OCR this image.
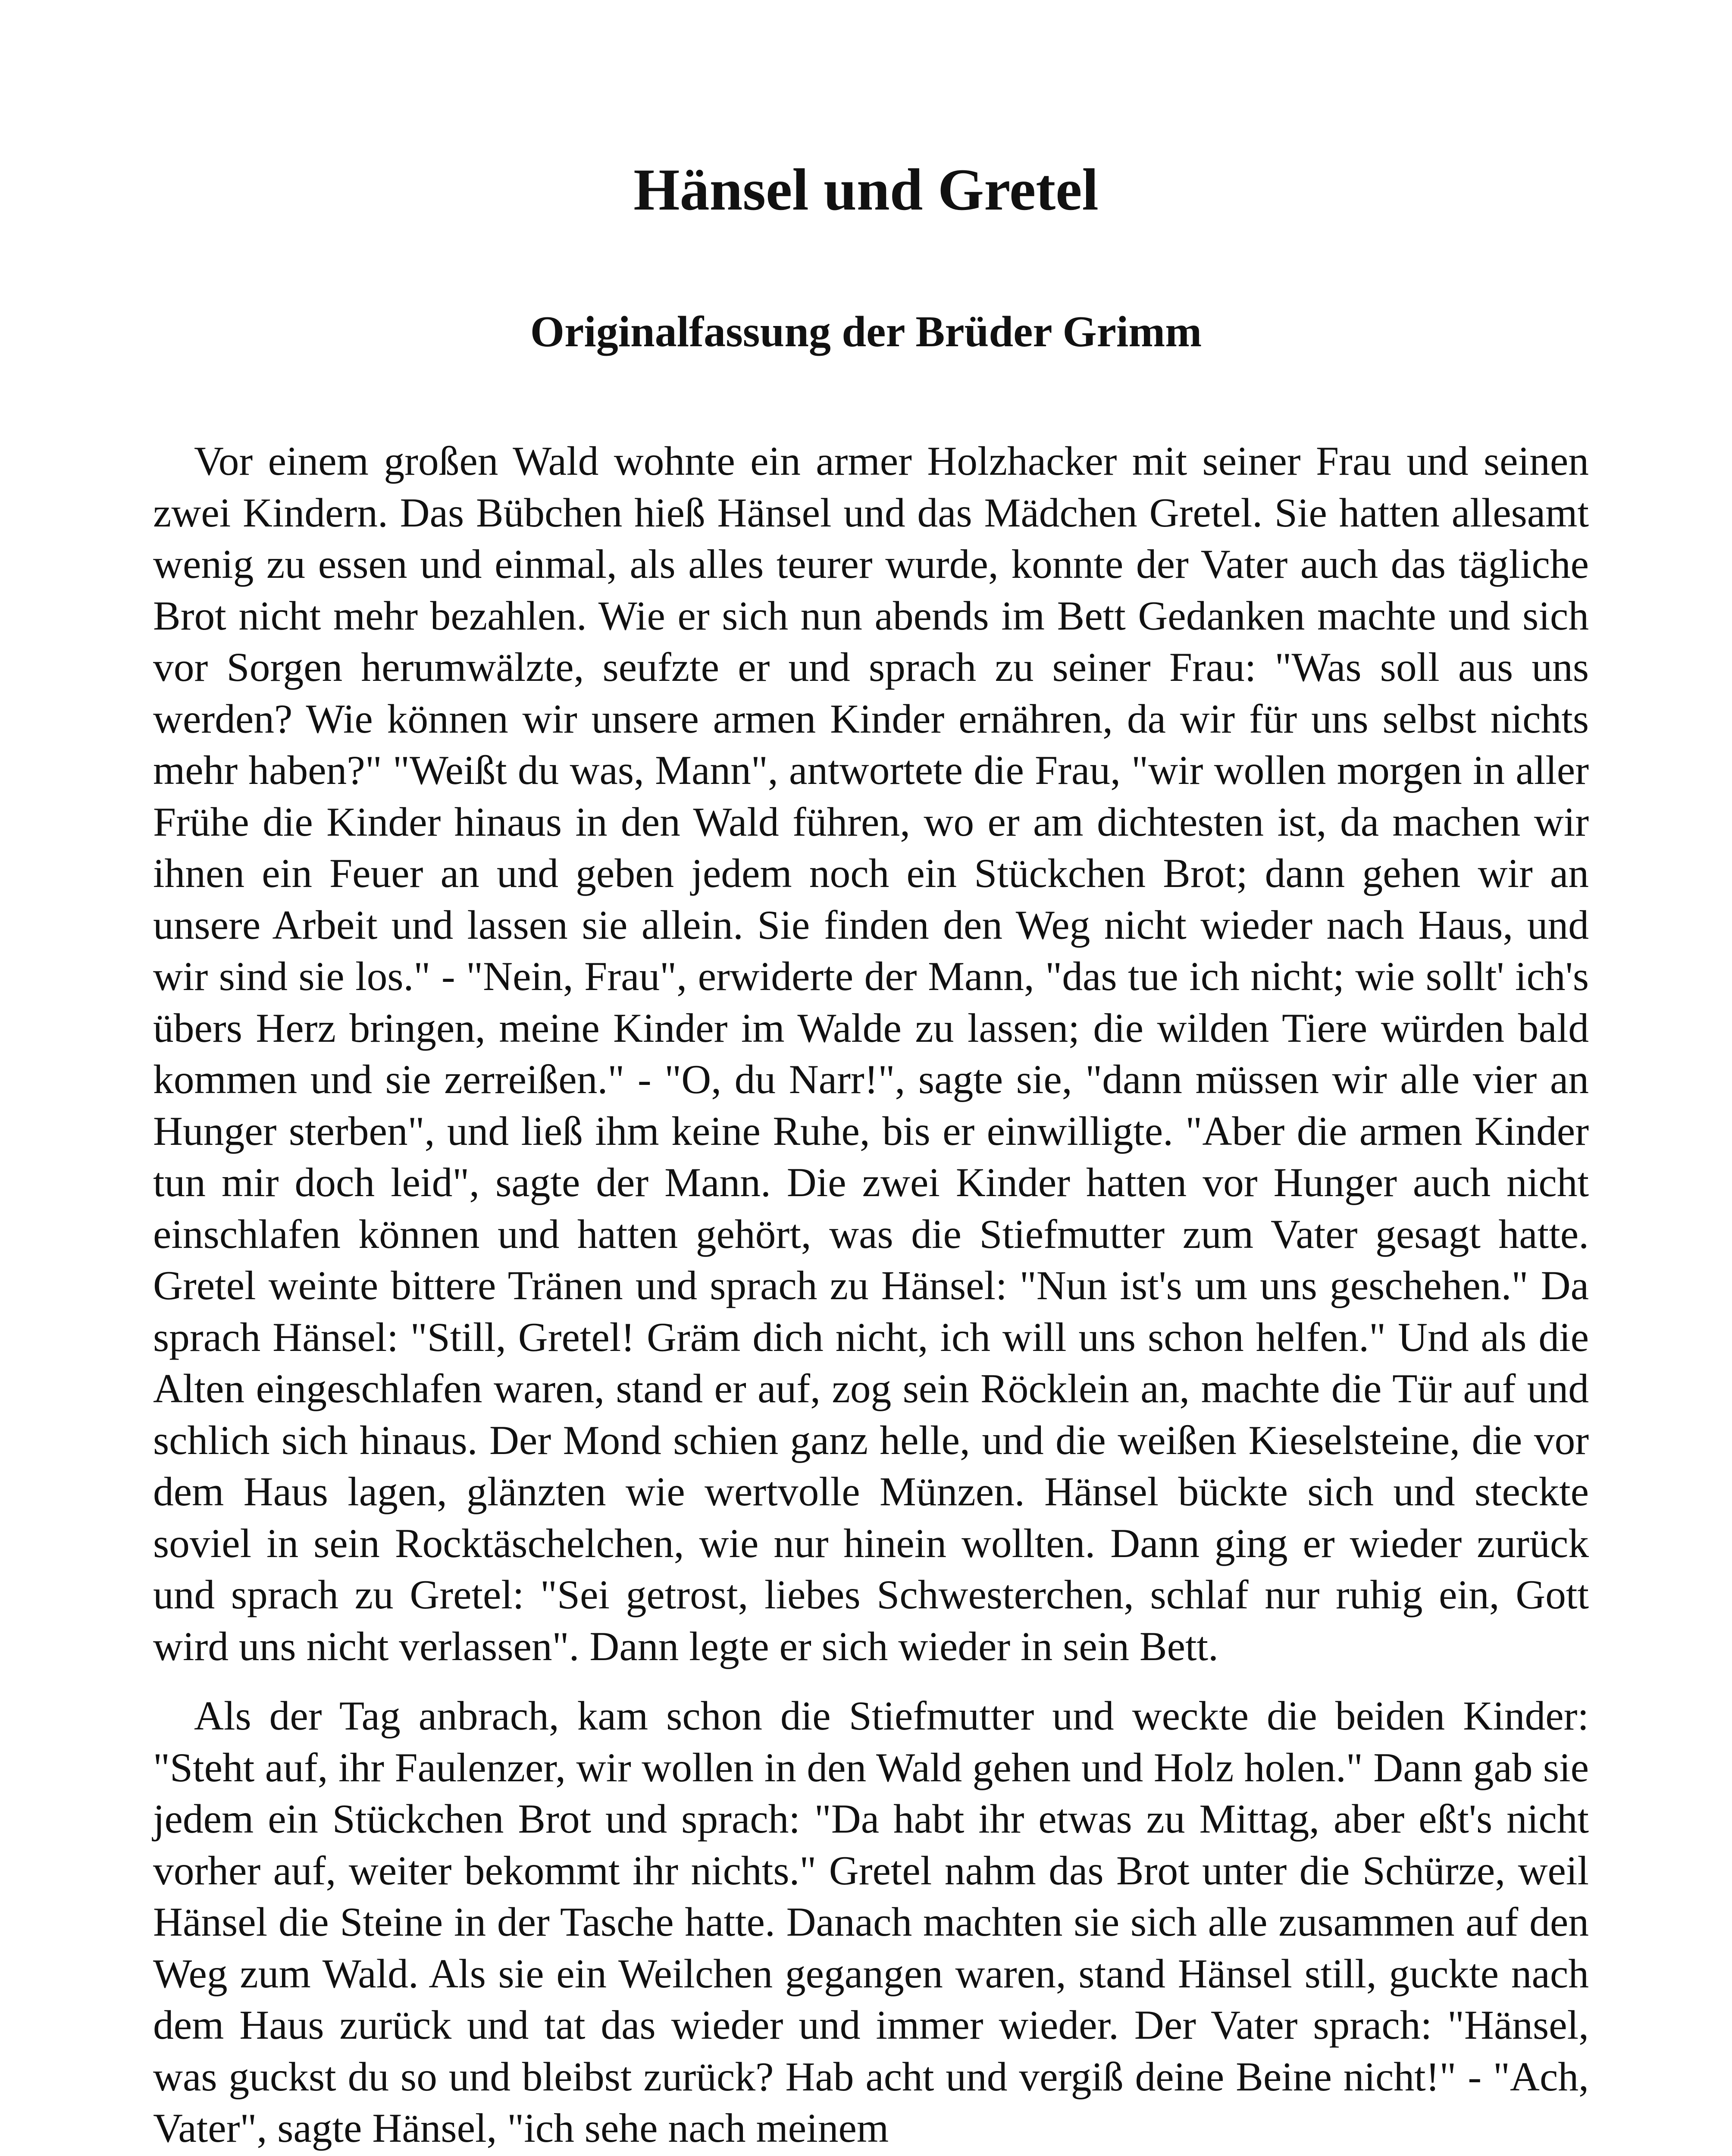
Hänsel und Gretel
Originalfassung der Brüder Grimm

Vor einem großen Wald wohnte ein armer Holzhacker mit seiner Frau und seinen zwei Kindern. Das Bübchen hieß Hänsel und das Mädchen Gretel. Sie hatten allesamt wenig zu essen und einmal, als alles teurer wurde, konnte der Vater auch das tägliche Brot nicht mehr bezahlen. Wie er sich nun abends im Bett Gedanken machte und sich vor Sorgen herumwälzte, seufzte er und sprach zu seiner Frau: "Was soll aus uns werden? Wie können wir unsere armen Kinder ernähren, da wir für uns selbst nichts mehr haben?" "Weißt du was, Mann", antwortete die Frau, "wir wollen morgen in aller Frühe die Kinder hinaus in den Wald führen, wo er am dichtesten ist, da machen wir ihnen ein Feuer an und geben jedem noch ein Stückchen Brot; dann gehen wir an unsere Arbeit und lassen sie allein. Sie finden den Weg nicht wieder nach Haus, und wir sind sie los." - "Nein, Frau", erwiderte der Mann, "das tue ich nicht; wie sollt' ich's übers Herz bringen, meine Kinder im Walde zu lassen; die wilden Tiere würden bald kommen und sie zerreißen." - "O, du Narr!", sagte sie, "dann müssen wir alle vier an Hunger sterben", und ließ ihm keine Ruhe, bis er einwilligte. "Aber die armen Kinder tun mir doch leid", sagte der Mann. Die zwei Kinder hatten vor Hunger auch nicht einschlafen können und hatten gehört, was die Stiefmutter zum Vater gesagt hatte. Gretel weinte bittere Tränen und sprach zu Hänsel: "Nun ist's um uns geschehen." Da sprach Hänsel: "Still, Gretel! Gräm dich nicht, ich will uns schon helfen." Und als die Alten eingeschlafen waren, stand er auf, zog sein Röcklein an, machte die Tür auf und schlich sich hinaus. Der Mond schien ganz helle, und die weißen Kieselsteine, die vor dem Haus lagen, glänzten wie wertvolle Münzen. Hänsel bückte sich und steckte soviel in sein Rocktäschelchen, wie nur hinein wollten. Dann ging er wieder zurück und sprach zu Gretel: "Sei getrost, liebes Schwesterchen, schlaf nur ruhig ein, Gott wird uns nicht verlassen". Dann legte er sich wieder in sein Bett.

Als der Tag anbrach, kam schon die Stiefmutter und weckte die beiden Kinder: "Steht auf, ihr Faulenzer, wir wollen in den Wald gehen und Holz holen." Dann gab sie jedem ein Stückchen Brot und sprach: "Da habt ihr etwas zu Mittag, aber eßt's nicht vorher auf, weiter bekommt ihr nichts." Gretel nahm das Brot unter die Schürze, weil Hänsel die Steine in der Tasche hatte. Danach machten sie sich alle zusammen auf den Weg zum Wald. Als sie ein Weilchen gegangen waren, stand Hänsel still, guckte nach dem Haus zurück und tat das wieder und immer wieder. Der Vater sprach: "Hänsel, was guckst du so und bleibst zurück? Hab acht und vergiß deine Beine nicht!" - "Ach, Vater", sagte Hänsel, "ich sehe nach meinem
